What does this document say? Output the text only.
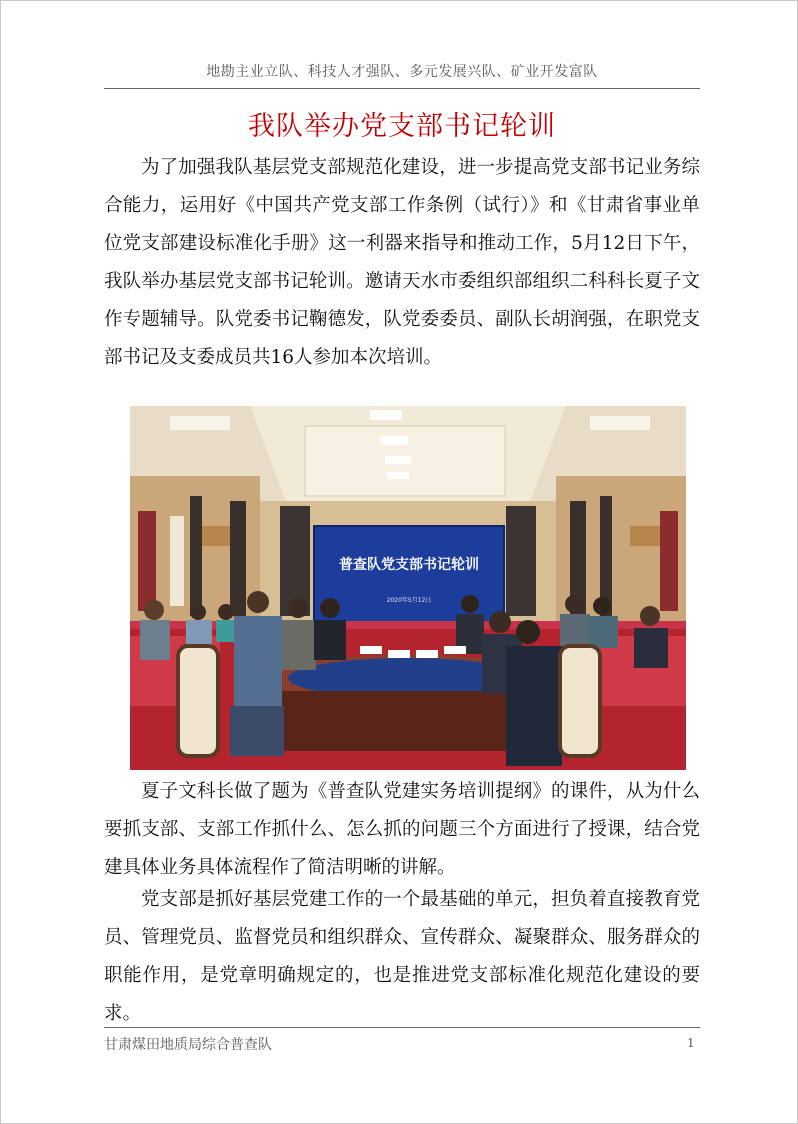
地勘主业立队、科技人才强队、多元发展兴队、矿业开发富队
我队举办党支部书记轮训

为了加强我队基层党支部规范化建设，进一步提高党支部书记业务综合能力，运用好《中国共产党支部工作条例（试行）》和《甘肃省事业单位党支部建设标准化手册》这一利器来指导和推动工作，5月12日下午，我队举办基层党支部书记轮训。邀请天水市委组织部组织二科科长夏子文作专题辅导。队党委书记鞠德发，队党委委员、副队长胡润强，在职党支部书记及支委成员共16人参加本次培训。

普查队党支部书记轮训
2020年5月12日

夏子文科长做了题为《普查队党建实务培训提纲》的课件，从为什么要抓支部、支部工作抓什么、怎么抓的问题三个方面进行了授课，结合党建具体业务具体流程作了简洁明晰的讲解。

党支部是抓好基层党建工作的一个最基础的单元，担负着直接教育党员、管理党员、监督党员和组织群众、宣传群众、凝聚群众、服务群众的职能作用，是党章明确规定的，也是推进党支部标准化规范化建设的要求。

甘肃煤田地质局综合普查队	1
